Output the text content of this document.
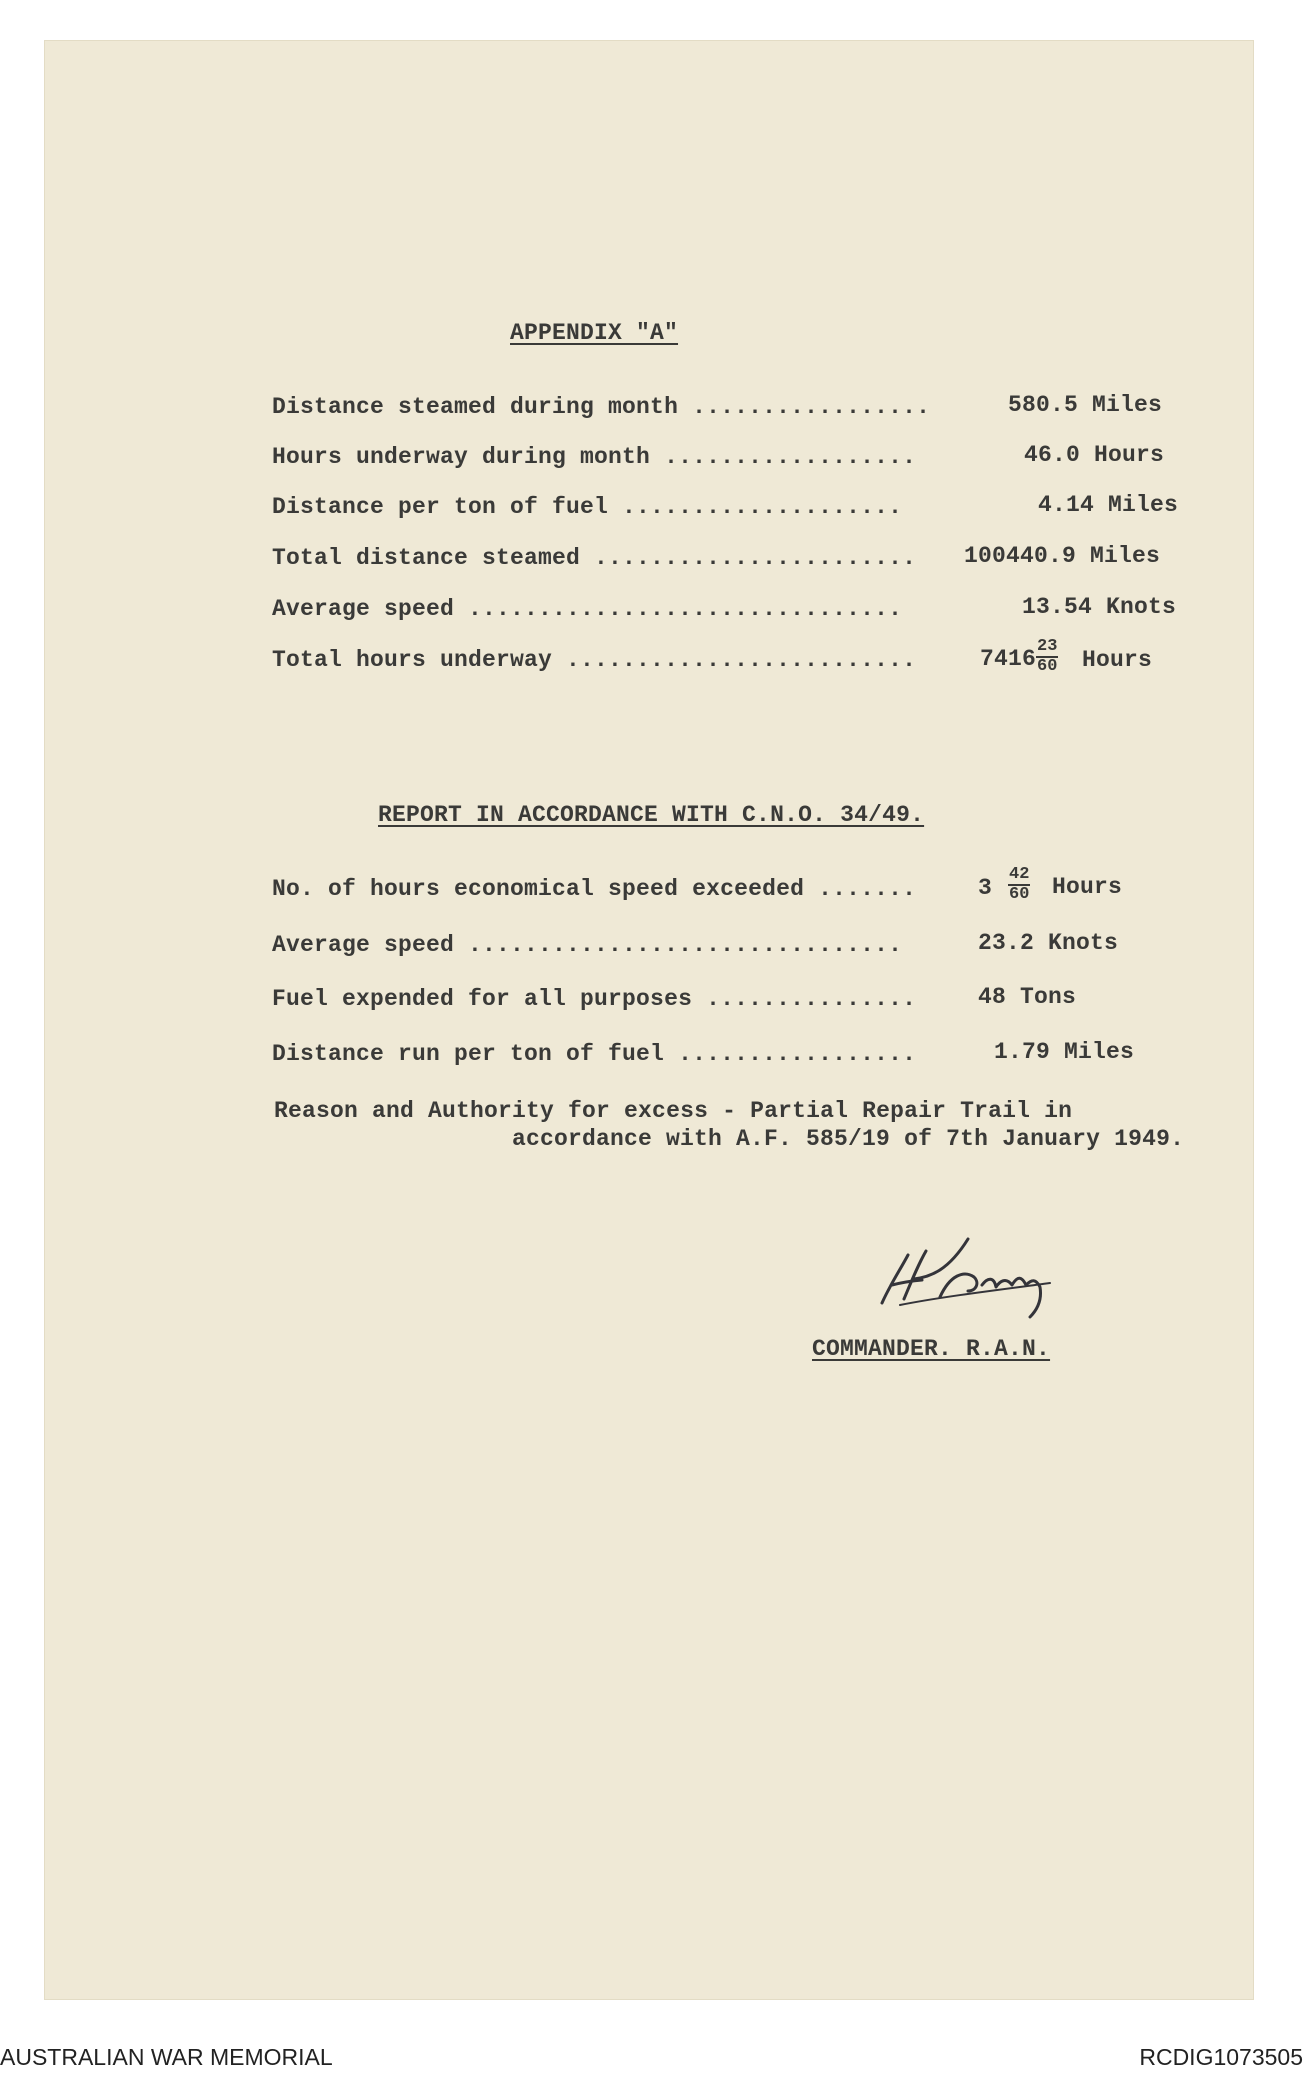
APPENDIX "A"
Distance steamed during month .................	580.5 Miles
Hours underway during month ..................	46.0 Hours
Distance per ton of fuel ....................	4.14 Miles
Total distance steamed ....................... 100440.9 Miles
Average speed ...............................	13.54 Knots
Total hours underway .........................	$7416 \frac{23}{60}$ Hours
REPORT IN ACCORDANCE WITH C.N.O. 34/49.
No. of hours economical speed exceeded .......	$3 \frac{42}{60}$ Hours
Average speed ...............................	23.2 Knots
Fuel expended for all purposes ...............	48 Tons
Distance run per ton of fuel .................	1.79 Miles
Reason and Authority for excess - Partial Repair Trail in
accordance with A.F. 585/19 of 7th January 1949.
COMMANDER. R.A.N.
AUSTRALIAN WAR MEMORIAL	RCDIG1073505
